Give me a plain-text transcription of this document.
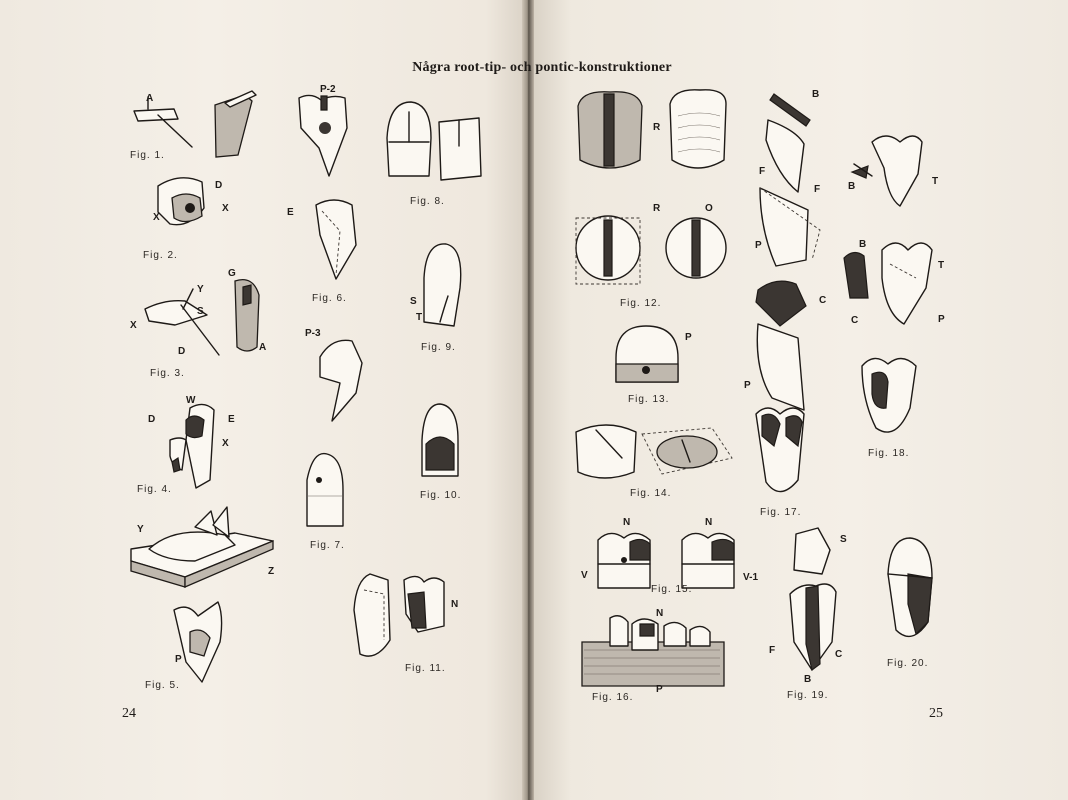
Några root-tip- och pontic-konstruktioner
A
Fig. 1.
D
X
X
Fig. 2.
Y
S
X
D
G
A
Fig. 3.
W
D	E
X
Fig. 4.
Y
Z
P
Fig. 5.
P-2
E
Fig. 6.
P-3
Fig. 7.
Fig. 8.
S
T
Fig. 9.
Fig. 10.
N
Fig. 11.
24
R
R	O
Fig. 12.
P
Fig. 13.
Fig. 14.
N	N
V	V-1
Fig. 15.
N
P
Fig. 16.
B
F
F
P
C
P
Fig. 17.
B	T
B
T
C	P
Fig. 18.
S
F	C
B
Fig. 19.
Fig. 20.
25
